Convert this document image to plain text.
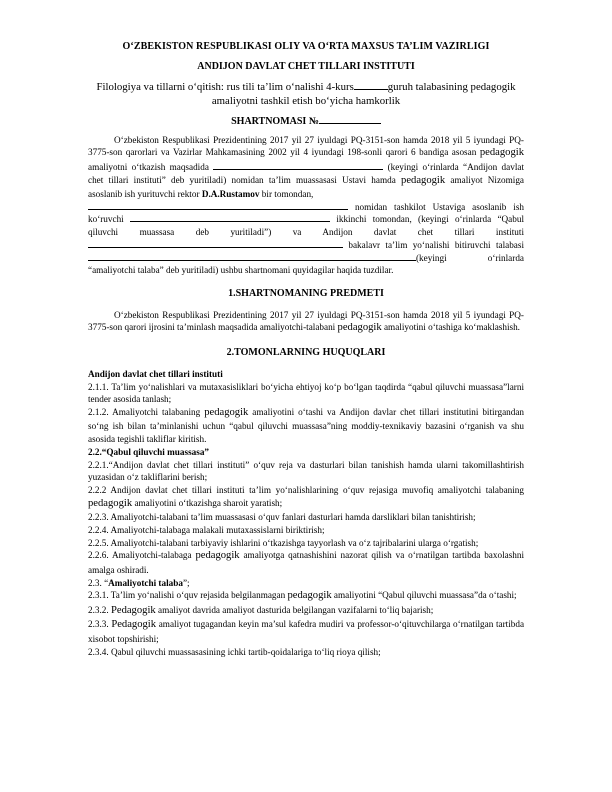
O‘ZBEKISTON RESPUBLIKASI OLIY VA O‘RTA MAXSUS TA’LIM VAZIRLIGI

ANDIJON DAVLAT CHET TILLARI INSTITUTI

Filologiya va tillarni o‘qitish: rus tili ta’lim o‘nalishi 4-kurs	guruh talabasining pedagogik
amaliyotni tashkil etish bo‘yicha hamkorlik

SHARTNOMASI №

O‘zbekiston Respublikasi Prezidentining 2017 yil 27 iyuldagi PQ-3151-son hamda 2018 yil 5 iyundagi PQ-3775-son qarorlari va Vazirlar Mahkamasining 2002 yil 4 iyundagi 198-sonli qarori 6 bandiga asosan pedagogik amaliyotni o‘tkazish maqsadida	(keyingi o‘rinlarda “Andijon davlat chet tillari instituti” deb yuritiladi) nomidan ta’lim muassasasi Ustavi hamda pedagogik amaliyot Nizomiga asoslanib ish yurituvchi rektor D.A.Rustamov bir tomondan,
nomidan tashkilot Ustaviga asoslanib ish ko‘ruvchi	ikkinchi tomondan, (keyingi o‘rinlarda “Qabul qiluvchi muassasa deb yuritiladi”) va Andijon davlat chet tillari instituti  bakalavr ta’lim yo‘nalishi bitiruvchi talabasi(keyingi o‘rinlarda “amaliyotchi talaba” deb yuritiladi) ushbu shartnomani quyidagilar haqida tuzdilar.

1.SHARTNOMANING PREDMETI

O‘zbekiston Respublikasi Prezidentining 2017 yil 27 iyuldagi PQ-3151-son hamda 2018 yil 5 iyundagi PQ-3775-son qarori ijrosini ta’minlash maqsadida amaliyotchi-talabani pedagogik amaliyotini o‘tashiga ko‘maklashish.

2.TOMONLARNING HUQUQLARI

Andijon davlat chet tillari instituti

2.1.1. Ta’lim yo‘nalishlari va mutaxasisliklari bo‘yicha ehtiyoj ko‘p bo‘lgan taqdirda “qabul qiluvchi muassasa”larni tender asosida tanlash;

2.1.2. Amaliyotchi talabaning pedagogik amaliyotini o‘tashi va Andijon davlar chet tillari institutini bitirgandan so‘ng ish bilan ta’minlanishi uchun “qabul qiluvchi muassasa”ning moddiy-texnikaviy bazasini o‘rganish va shu asosida tegishli takliflar kiritish.

2.2.“Qabul qiluvchi muassasa”

2.2.1.“Andijon davlat chet tillari instituti” o‘quv reja va dasturlari bilan tanishish hamda ularni takomillashtirish yuzasidan o‘z takliflarini berish;

2.2.2 Andijon davlat chet tillari instituti ta’lim yo‘nalishlarining o‘quv rejasiga muvofiq amaliyotchi talabaning pedagogik amaliyotini o‘tkazishga sharoit yaratish;

2.2.3. Amaliyotchi-talabani ta’lim muassasasi o‘quv fanlari dasturlari hamda darsliklari bilan tanishtirish;

2.2.4. Amaliyotchi-talabaga malakali mutaxassislarni biriktirish;

2.2.5. Amaliyotchi-talabani tarbiyaviy ishlarini o‘tkazishga tayyorlash va o‘z tajribalarini ularga o‘rgatish;

2.2.6. Amaliyotchi-talabaga pedagogik amaliyotga qatnashishini nazorat qilish va o‘rnatilgan tartibda baxolashni amalga oshiradi.

2.3. “Amaliyotchi talaba”;

2.3.1. Ta’lim yo‘nalishi o‘quv rejasida belgilanmagan pedagogik amaliyotini “Qabul qiluvchi muassasa”da o‘tashi;

2.3.2. Pedagogik amaliyot davrida amaliyot dasturida belgilangan vazifalarni to‘liq bajarish;

2.3.3. Pedagogik amaliyot tugagandan keyin ma’sul kafedra mudiri va professor-o‘qituvchilarga o‘rnatilgan tartibda xisobot topshirishi;

2.3.4. Qabul qiluvchi muassasasining ichki tartib-qoidalariga to‘liq rioya qilish;
